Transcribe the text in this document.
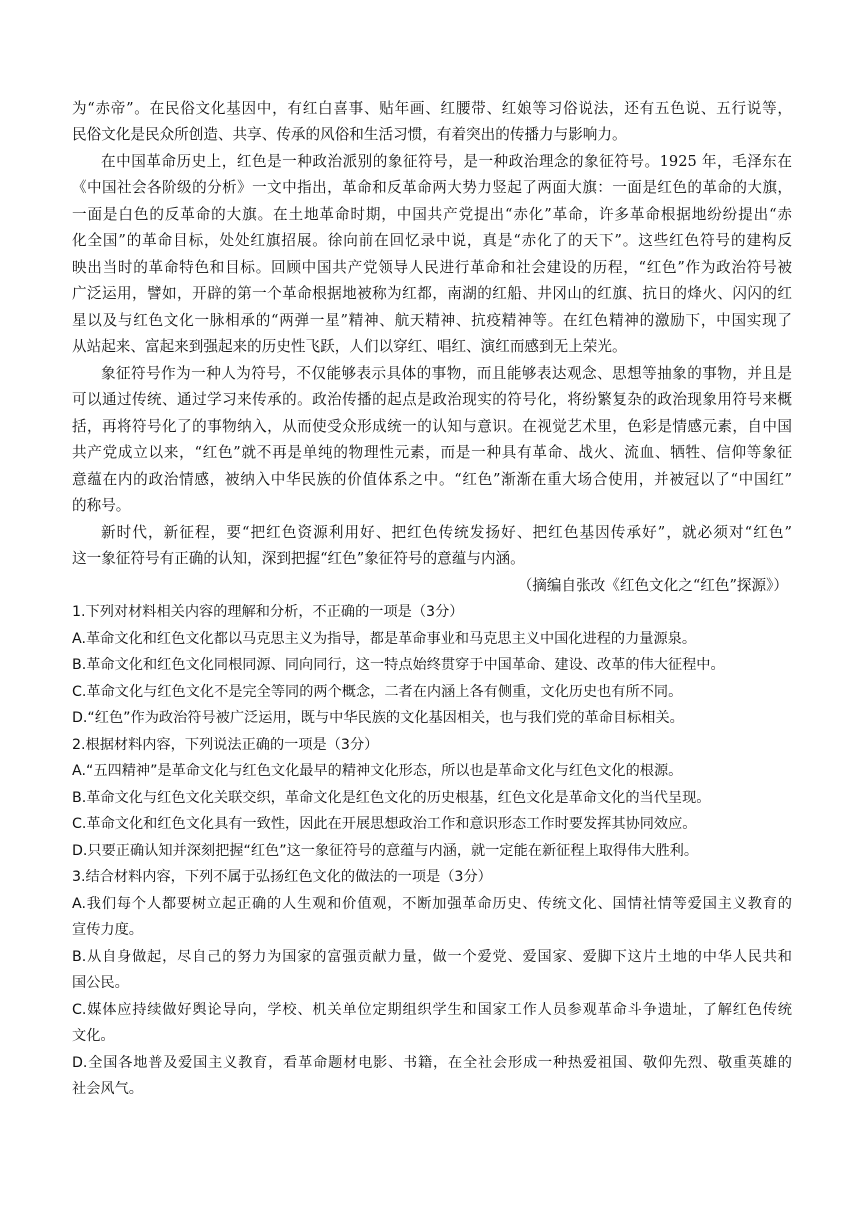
为“赤帝”。在民俗文化基因中，有红白喜事、贴年画、红腰带、红娘等习俗说法，还有五色说、五行说等，
民俗文化是民众所创造、共享、传承的风俗和生活习惯，有着突出的传播力与影响力。
在中国革命历史上，红色是一种政治派别的象征符号，是一种政治理念的象征符号。1925 年，毛泽东在
《中国社会各阶级的分析》一文中指出，革命和反革命两大势力竖起了两面大旗：一面是红色的革命的大旗，
一面是白色的反革命的大旗。在土地革命时期，中国共产党提出“赤化”革命，许多革命根据地纷纷提出“赤
化全国”的革命目标，处处红旗招展。徐向前在回忆录中说，真是“赤化了的天下”。这些红色符号的建构反
映出当时的革命特色和目标。回顾中国共产党领导人民进行革命和社会建设的历程，“红色”作为政治符号被
广泛运用，譬如，开辟的第一个革命根据地被称为红都，南湖的红船、井冈山的红旗、抗日的烽火、闪闪的红
星以及与红色文化一脉相承的“两弹一星”精神、航天精神、抗疫精神等。在红色精神的激励下，中国实现了
从站起来、富起来到强起来的历史性飞跃，人们以穿红、唱红、演红而感到无上荣光。
象征符号作为一种人为符号，不仅能够表示具体的事物，而且能够表达观念、思想等抽象的事物，并且是
可以通过传统、通过学习来传承的。政治传播的起点是政治现实的符号化，将纷繁复杂的政治现象用符号来概
括，再将符号化了的事物纳入，从而使受众形成统一的认知与意识。在视觉艺术里，色彩是情感元素，自中国
共产党成立以来，“红色”就不再是单纯的物理性元素，而是一种具有革命、战火、流血、牺牲、信仰等象征
意蕴在内的政治情感，被纳入中华民族的价值体系之中。“红色”渐渐在重大场合使用，并被冠以了“中国红”
的称号。
新时代，新征程，要“把红色资源利用好、把红色传统发扬好、把红色基因传承好”，就必须对“红色”
这一象征符号有正确的认知，深到把握“红色”象征符号的意蕴与内涵。
（摘编自张改《红色文化之“红色”探源》）
1.下列对材料相关内容的理解和分析，不正确的一项是（3分）
A.革命文化和红色文化都以马克思主义为指导，都是革命事业和马克思主义中国化进程的力量源泉。
B.革命文化和红色文化同根同源、同向同行，这一特点始终贯穿于中国革命、建设、改革的伟大征程中。
C.革命文化与红色文化不是完全等同的两个概念，二者在内涵上各有侧重，文化历史也有所不同。
D.“红色”作为政治符号被广泛运用，既与中华民族的文化基因相关，也与我们党的革命目标相关。
2.根据材料内容，下列说法正确的一项是（3分）
A.“五四精神”是革命文化与红色文化最早的精神文化形态，所以也是革命文化与红色文化的根源。
B.革命文化与红色文化关联交织，革命文化是红色文化的历史根基，红色文化是革命文化的当代呈现。
C.革命文化和红色文化具有一致性，因此在开展思想政治工作和意识形态工作时要发挥其协同效应。
D.只要正确认知并深刻把握“红色”这一象征符号的意蕴与内涵，就一定能在新征程上取得伟大胜利。
3.结合材料内容，下列不属于弘扬红色文化的做法的一项是（3分）
A.我们每个人都要树立起正确的人生观和价值观，不断加强革命历史、传统文化、国情社情等爱国主义教育的
宣传力度。
B.从自身做起，尽自己的努力为国家的富强贡献力量，做一个爱党、爱国家、爱脚下这片土地的中华人民共和
国公民。
C.媒体应持续做好舆论导向，学校、机关单位定期组织学生和国家工作人员参观革命斗争遗址，了解红色传统
文化。
D.全国各地普及爱国主义教育，看革命题材电影、书籍，在全社会形成一种热爱祖国、敬仰先烈、敬重英雄的
社会风气。
